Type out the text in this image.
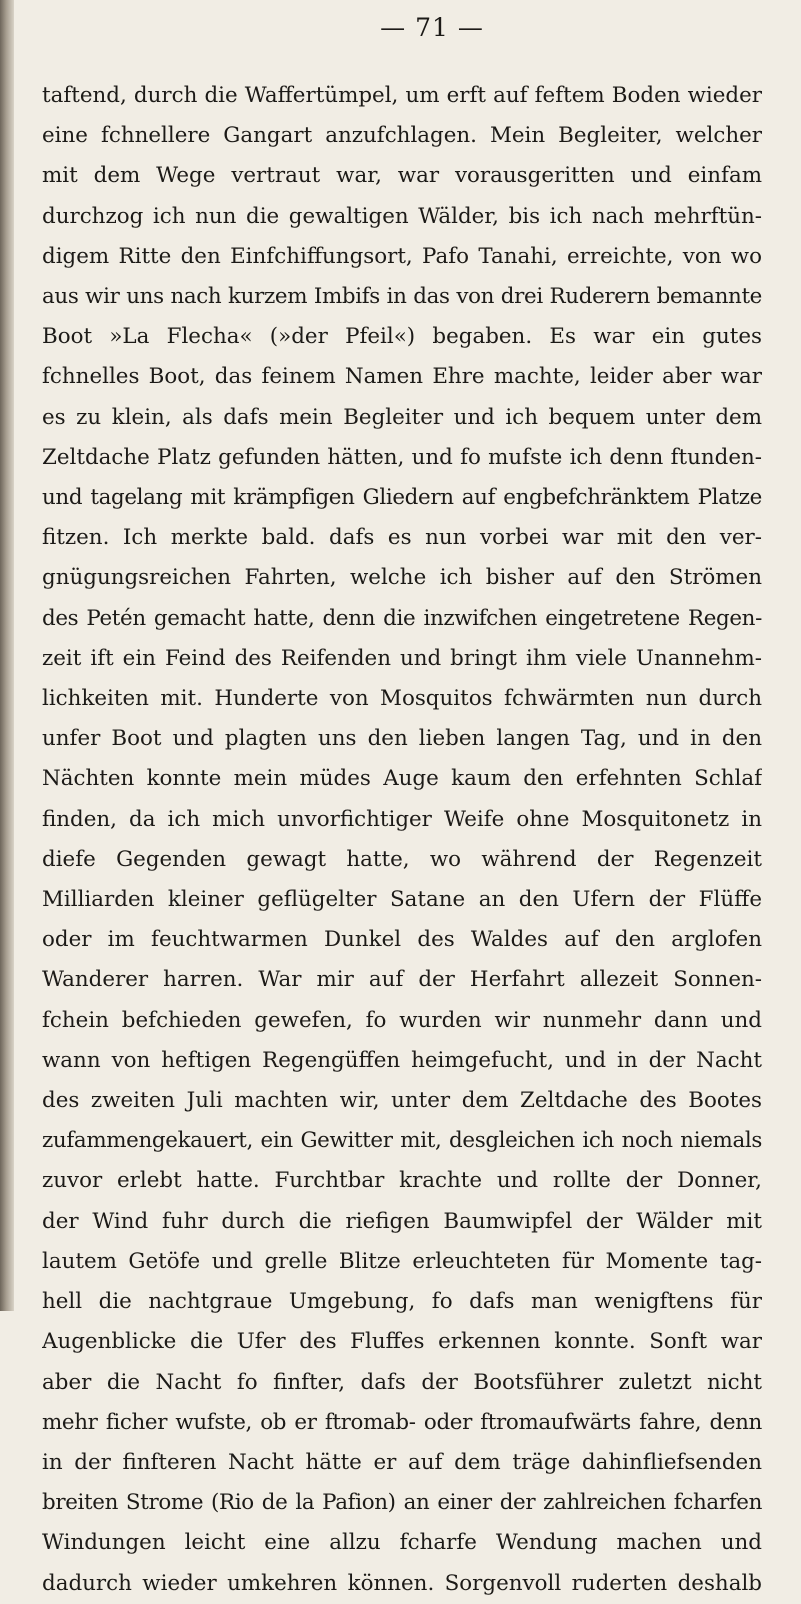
— 71 —
taftend, durch die Waffertümpel, um erft auf feftem Boden wieder
eine fchnellere Gangart anzufchlagen. Mein Begleiter, welcher
mit dem Wege vertraut war, war vorausgeritten und einfam
durchzog ich nun die gewaltigen Wälder, bis ich nach mehrftün-
digem Ritte den Einfchiffungsort, Pafo Tanahi, erreichte, von wo
aus wir uns nach kurzem Imbifs in das von drei Ruderern bemannte
Boot »La Flecha« (»der Pfeil«) begaben. Es war ein gutes
fchnelles Boot, das feinem Namen Ehre machte, leider aber war
es zu klein, als dafs mein Begleiter und ich bequem unter dem
Zeltdache Platz gefunden hätten, und fo mufste ich denn ftunden-
und tagelang mit krämpfigen Gliedern auf engbefchränktem Platze
fitzen. Ich merkte bald. dafs es nun vorbei war mit den ver-
gnügungsreichen Fahrten, welche ich bisher auf den Strömen
des Petén gemacht hatte, denn die inzwifchen eingetretene Regen-
zeit ift ein Feind des Reifenden und bringt ihm viele Unannehm-
lichkeiten mit. Hunderte von Mosquitos fchwärmten nun durch
unfer Boot und plagten uns den lieben langen Tag, und in den
Nächten konnte mein müdes Auge kaum den erfehnten Schlaf
finden, da ich mich unvorfichtiger Weife ohne Mosquitonetz in
diefe Gegenden gewagt hatte, wo während der Regenzeit
Milliarden kleiner geflügelter Satane an den Ufern der Flüffe
oder im feuchtwarmen Dunkel des Waldes auf den arglofen
Wanderer harren. War mir auf der Herfahrt allezeit Sonnen-
fchein befchieden gewefen, fo wurden wir nunmehr dann und
wann von heftigen Regengüffen heimgefucht, und in der Nacht
des zweiten Juli machten wir, unter dem Zeltdache des Bootes
zufammengekauert, ein Gewitter mit, desgleichen ich noch niemals
zuvor erlebt hatte. Furchtbar krachte und rollte der Donner,
der Wind fuhr durch die riefigen Baumwipfel der Wälder mit
lautem Getöfe und grelle Blitze erleuchteten für Momente tag-
hell die nachtgraue Umgebung, fo dafs man wenigftens für
Augenblicke die Ufer des Fluffes erkennen konnte. Sonft war
aber die Nacht fo finfter, dafs der Bootsführer zuletzt nicht
mehr ficher wufste, ob er ftromab- oder ftromaufwärts fahre, denn
in der finfteren Nacht hätte er auf dem träge dahinfliefsenden
breiten Strome (Rio de la Pafion) an einer der zahlreichen fcharfen
Windungen leicht eine allzu fcharfe Wendung machen und
dadurch wieder umkehren können. Sorgenvoll ruderten deshalb
